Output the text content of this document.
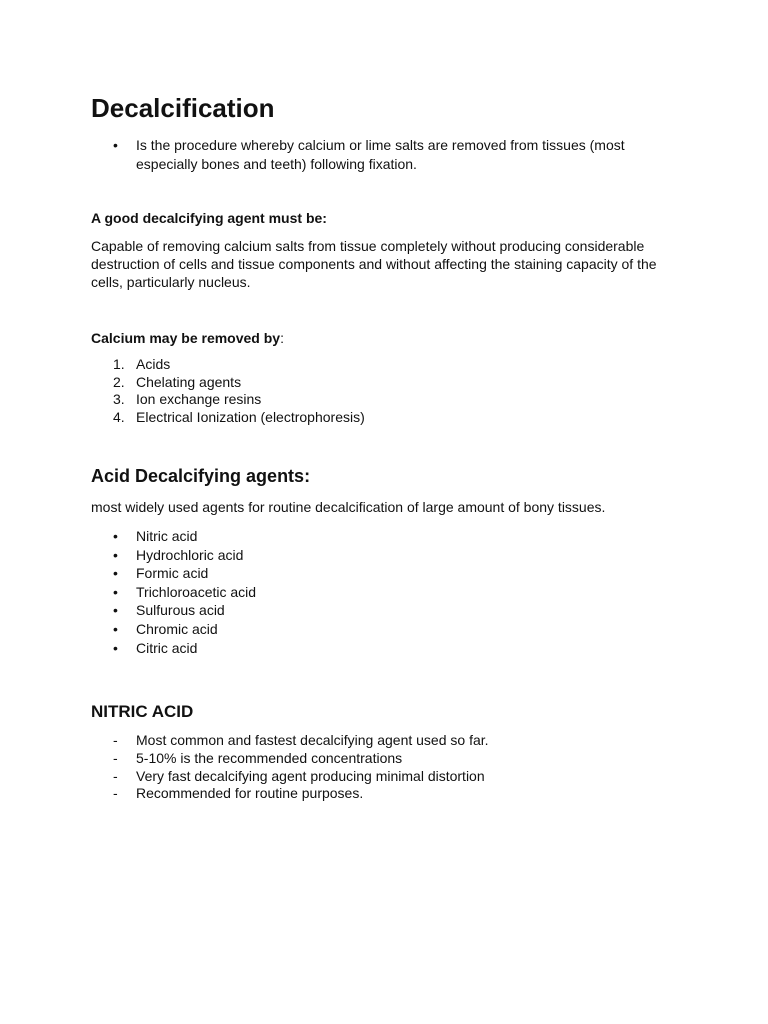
Decalcification
• Is the procedure whereby calcium or lime salts are removed from tissues (most especially bones and teeth) following fixation.

A good decalcifying agent must be:

Capable of removing calcium salts from tissue completely without producing considerable destruction of cells and tissue components and without affecting the staining capacity of the cells, particularly nucleus.

Calcium may be removed by:

1. Acids
2. Chelating agents
3. Ion exchange resins
4. Electrical Ionization (electrophoresis)
Acid Decalcifying agents:

most widely used agents for routine decalcification of large amount of bony tissues.

• Nitric acid
• Hydrochloric acid
• Formic acid
• Trichloroacetic acid
• Sulfurous acid
• Chromic acid
• Citric acid
NITRIC ACID
- Most common and fastest decalcifying agent used so far.
- 5-10% is the recommended concentrations
- Very fast decalcifying agent producing minimal distortion
- Recommended for routine purposes.
